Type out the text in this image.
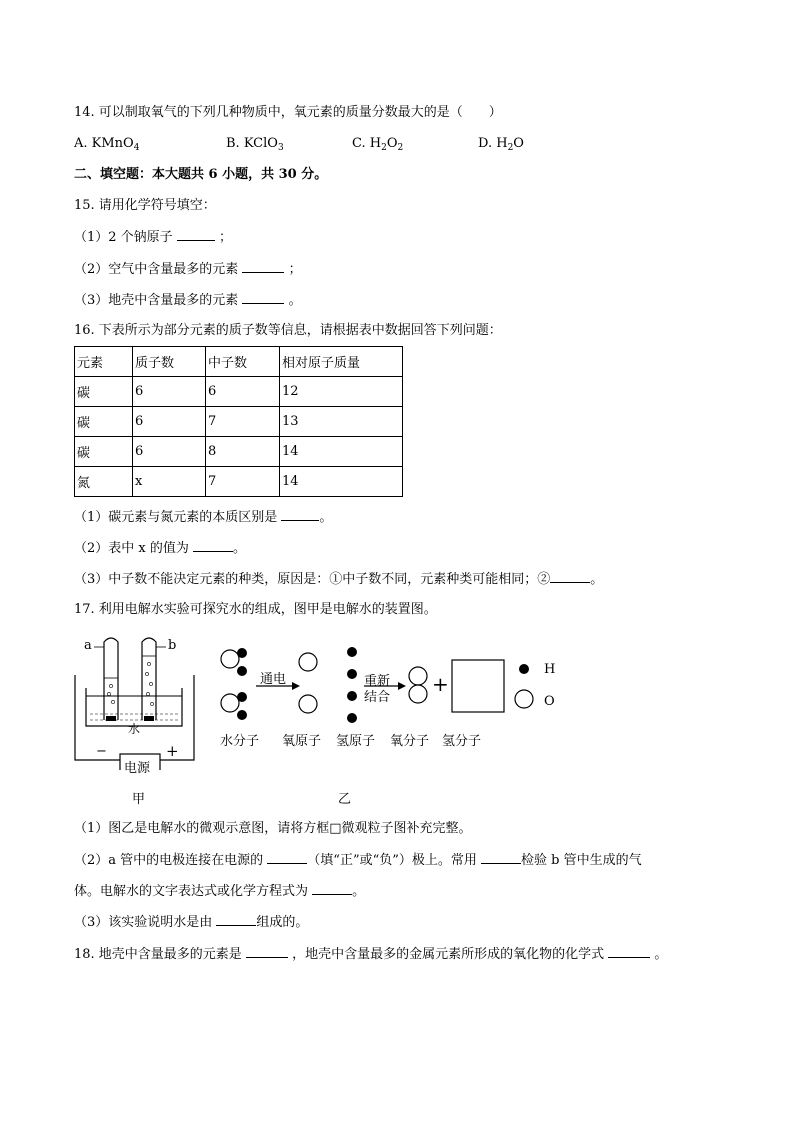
14. 可以制取氧气的下列几种物质中，氧元素的质量分数最大的是（　　）
A. KMnO$_4$	B. KClO$_3$	C. $H_2O_2$	D. $H_2O$
二、填空题：本大题共 6 小题，共 30 分。
15. 请用化学符号填空：
（1）2 个钠原子	；
（2）空气中含量最多的元素	；
（3）地壳中含量最多的元素	。
16. 下表所示为部分元素的质子数等信息，请根据表中数据回答下列问题：
元素	质子数	中子数	相对原子质量
碳	6	6	12
碳	6	7	13
碳	6	8	14
氮	x	7	14
（1）碳元素与氮元素的本质区别是	。
（2）表中 x 的值为	。
（3）中子数不能决定元素的种类，原因是：①中子数不同，元素种类可能相同；②	。
17. 利用电解水实验可探究水的组成，图甲是电解水的装置图。
a	b
水
−	+
电源
甲
通电	重新
结合
+
H
O
水分子 氧原子 氢原子 氧分子 氢分子
乙
（1）图乙是电解水的微观示意图，请将方框□微观粒子图补充完整。
（2）a 管中的电极连接在电源的	（填“正”或“负”）极上。常用	检验 b 管中生成的气
体。电解水的文字表达式或化学方程式为	。
（3）该实验说明水是由	组成的。
18. 地壳中含量最多的元素是	，地壳中含量最多的金属元素所形成的氧化物的化学式	。
